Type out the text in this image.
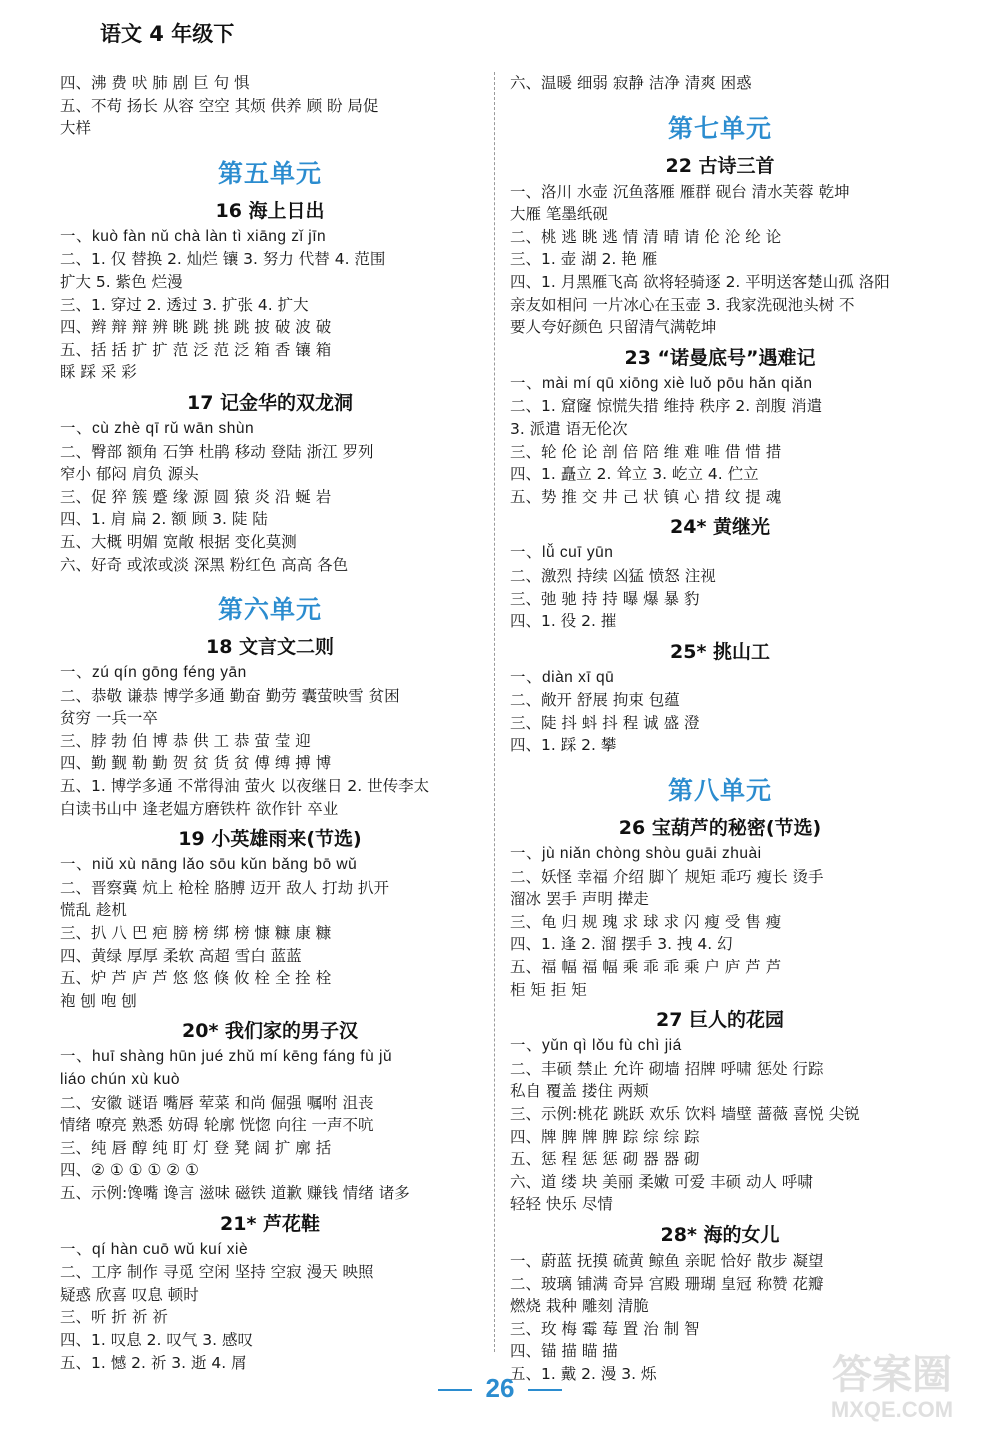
语文 4 年级下
四、沸 费 吠 肺 剧 巨 句 惧
五、不苟 扬长 从容 空空 其烦 供养 顾 盼 局促
大样
第五单元
16 海上日出
一、kuò fàn nǔ chà làn tì xiāng zǐ jīn
二、1. 仅 替换 2. 灿烂 镶 3. 努力 代替 4. 范围
扩大 5. 紫色 烂漫
三、1. 穿过 2. 透过 3. 扩张 4. 扩大
四、辫 辩 辩 辨 眺 跳 挑 跳 披 破 波 破
五、括 括 扩 扩 范 泛 范 泛 箱 香 镶 箱
睬 踩 采 彩
17 记金华的双龙洞
一、cù zhè qī rǔ wān shùn
二、臀部 额角 石笋 杜鹃 移动 登陆 浙江 罗列
窄小 郁闷 肩负 源头
三、促 猝 簇 蹙 缘 源 圆 猿 炎 沿 蜒 岩
四、1. 肩 扁 2. 额 顾 3. 陡 陆
五、大概 明媚 宽敞 根据 变化莫测
六、好奇 或浓或淡 深黑 粉红色 高高 各色
第六单元
18 文言文二则
一、zú qín gōng féng yān
二、恭敬 谦恭 博学多通 勤奋 勤劳 囊萤映雪 贫困
贫穷 一兵一卒
三、脖 勃 伯 博 恭 供 工 恭 萤 莹 迎
四、勤 觐 勒 勤 贺 贫 货 贫 傅 缚 搏 博
五、1. 博学多通 不常得油 萤火 以夜继日 2. 世传李太
白读书山中 逢老媪方磨铁杵 欲作针 卒业
19 小英雄雨来(节选)
一、niǔ xù nāng lǎo sōu kǔn bǎng bō wǔ
二、晋察冀 炕上 枪栓 胳膊 迈开 敌人 打劫 扒开
慌乱 趁机
三、扒 八 巴 疤 膀 榜 绑 榜 慷 糠 康 糠
四、黄绿 厚厚 柔软 高超 雪白 蓝蓝
五、炉 芦 庐 芦 悠 悠 倏 攸 栓 全 拴 栓
袍 刨 咆 刨
20* 我们家的男子汉
一、huī shàng hūn jué zhǔ mí kēng fáng fù jǔ
liáo chún xù kuò
二、安徽 谜语 嘴唇 荤菜 和尚 倔强 嘱咐 沮丧
情绪 嘹亮 熟悉 妨碍 轮廓 恍惚 向往 一声不吭
三、纯 唇 醇 纯 盯 灯 登 凳 阔 扩 廓 括
四、② ① ① ① ② ①
五、示例:馋嘴 谗言 滋味 磁铁 道歉 赚钱 情绪 诸多
21* 芦花鞋
一、qí hàn cuō wǔ kuí xiè
二、工序 制作 寻觅 空闲 坚持 空寂 漫天 映照
疑惑 欣喜 叹息 顿时
三、听 折 祈 祈
四、1. 叹息 2. 叹气 3. 感叹
五、1. 憾 2. 祈 3. 逝 4. 屑
六、温暖 细弱 寂静 洁净 清爽 困惑
第七单元
22 古诗三首
一、洛川 水壶 沉鱼落雁 雁群 砚台 清水芙蓉 乾坤
大雁 笔墨纸砚
二、桃 逃 眺 逃 情 清 晴 请 伦 沦 纶 论
三、1. 壶 湖 2. 艳 雁
四、1. 月黑雁飞高 欲将轻骑逐 2. 平明送客楚山孤 洛阳
亲友如相问 一片冰心在玉壶 3. 我家洗砚池头树 不
要人夸好颜色 只留清气满乾坤
23 “诺曼底号”遇难记
一、mài mí qū xiōng xiè luǒ pōu hǎn qiǎn
二、1. 窟窿 惊慌失措 维持 秩序 2. 剖腹 消遣
3. 派遣 语无伦次
三、轮 伦 论 剖 倍 陪 维 难 唯 借 惜 措
四、1. 矗立 2. 耸立 3. 屹立 4. 伫立
五、势 推 交 井 己 状 镇 心 措 纹 提 魂
24* 黄继光
一、lǚ cuī yūn
二、激烈 持续 凶猛 愤怒 注视
三、弛 驰 持 持 曝 爆 暴 豹
四、1. 役 2. 摧
25* 挑山工
一、diàn xī qū
二、敞开 舒展 拘束 包蕴
三、陡 抖 蚪 抖 程 诚 盛 澄
四、1. 踩 2. 攀
第八单元
26 宝葫芦的秘密(节选)
一、jù niǎn chòng shòu guāi zhuài
二、妖怪 幸福 介绍 脚丫 规矩 乖巧 瘦长 烫手
溜冰 罢手 声明 撵走
三、龟 归 规 瑰 求 球 求 闪 瘦 受 售 瘦
四、1. 逢 2. 溜 摆手 3. 拽 4. 幻
五、福 幅 福 幅 乘 乖 乖 乘 户 庐 芦 芦
柜 矩 拒 矩
27 巨人的花园
一、yǔn qì lǒu fù chì jiá
二、丰硕 禁止 允许 砌墙 招牌 呼啸 惩处 行踪
私自 覆盖 搂住 两颊
三、示例:桃花 跳跃 欢乐 饮料 墙壁 蔷薇 喜悦 尖锐
四、牌 脾 牌 脾 踪 综 综 踪
五、惩 程 惩 惩 砌 器 器 砌
六、道 缕 块 美丽 柔嫩 可爱 丰硕 动人 呼啸
轻轻 快乐 尽情
28* 海的女儿
一、蔚蓝 抚摸 硫黄 鲸鱼 亲昵 恰好 散步 凝望
二、玻璃 铺满 奇异 宫殿 珊瑚 皇冠 称赞 花瓣
燃烧 栽种 雕刻 清脆
三、玫 梅 霉 莓 置 治 制 智
四、锚 描 瞄 描
五、1. 戴 2. 漫 3. 烁
26	答案圈
MXQE.COM
